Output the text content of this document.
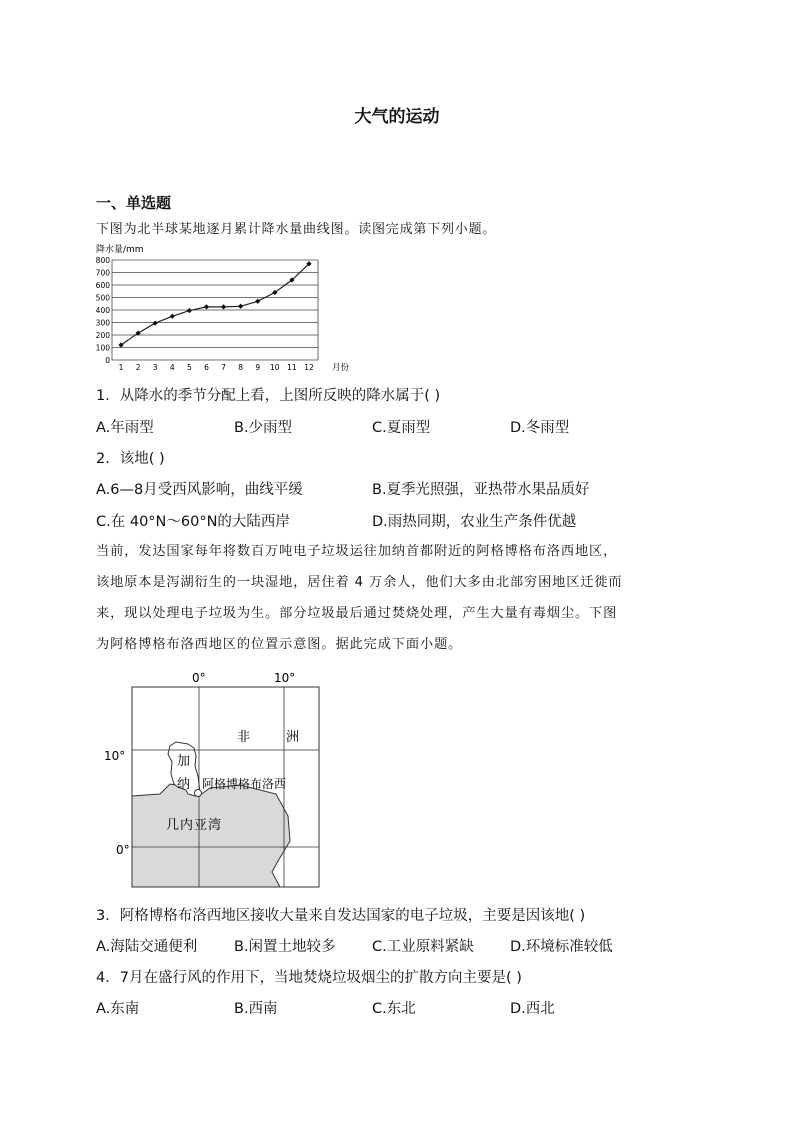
大气的运动
一、单选题
下图为北半球某地逐月累计降水量曲线图。读图完成第下列小题。
降水量/mm
0
100
200
300
400
500
600
700
800
1 2 3 4 5 6 7 8 9 10 11 12 月份
1．从降水的季节分配上看，上图所反映的降水属于( )
A.年雨型	B.少雨型	C.夏雨型	D.冬雨型
2．该地( )
A.6—8月受西风影响，曲线平缓	B.夏季光照强，亚热带水果品质好
C.在 40°N～60°N的大陆西岸	D.雨热同期，农业生产条件优越
当前，发达国家每年将数百万吨电子垃圾运往加纳首都附近的阿格博格布洛西地区，
该地原本是泻湖衍生的一块湿地，居住着 4 万余人，他们大多由北部穷困地区迁徙而
来，现以处理电子垃圾为生。部分垃圾最后通过焚烧处理，产生大量有毒烟尘。下图
为阿格博格布洛西地区的位置示意图。据此完成下面小题。
0°	10°
10°
0°
非	洲
加
纳 阿格博格布洛西
几内亚湾
3．阿格博格布洛西地区接收大量来自发达国家的电子垃圾，主要是因该地( )
A.海陆交通便利	B.闲置土地较多	C.工业原料紧缺	D.环境标准较低
4．7月在盛行风的作用下，当地焚烧垃圾烟尘的扩散方向主要是( )
A.东南	B.西南	C.东北	D.西北
